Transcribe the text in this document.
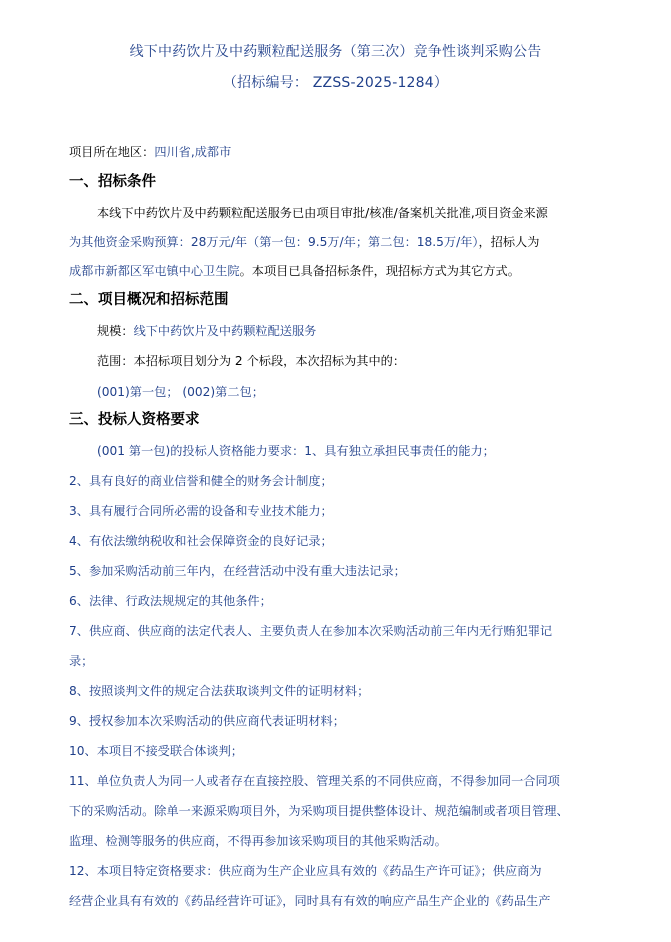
线下中药饮片及中药颗粒配送服务（第三次）竞争性谈判采购公告
（招标编号： ZZSS-2025-1284）
项目所在地区：四川省,成都市
一、招标条件
本线下中药饮片及中药颗粒配送服务已由项目审批/核准/备案机关批准,项目资金来源
为其他资金采购预算：28万元/年（第一包：9.5万/年；第二包：18.5万/年），招标人为
成都市新都区军屯镇中心卫生院。本项目已具备招标条件，现招标方式为其它方式。
二、项目概况和招标范围
规模：线下中药饮片及中药颗粒配送服务
范围：本招标项目划分为 2 个标段，本次招标为其中的：
(001)第一包； (002)第二包；
三、投标人资格要求
(001 第一包)的投标人资格能力要求：1、具有独立承担民事责任的能力；
2、具有良好的商业信誉和健全的财务会计制度；
3、具有履行合同所必需的设备和专业技术能力；
4、有依法缴纳税收和社会保障资金的良好记录；
5、参加采购活动前三年内，在经营活动中没有重大违法记录；
6、法律、行政法规规定的其他条件；
7、供应商、供应商的法定代表人、主要负责人在参加本次采购活动前三年内无行贿犯罪记
录；
8、按照谈判文件的规定合法获取谈判文件的证明材料；
9、授权参加本次采购活动的供应商代表证明材料；
10、本项目不接受联合体谈判；
11、单位负责人为同一人或者存在直接控股、管理关系的不同供应商，不得参加同一合同项
下的采购活动。除单一来源采购项目外，为采购项目提供整体设计、规范编制或者项目管理、
监理、检测等服务的供应商，不得再参加该采购项目的其他采购活动。
12、本项目特定资格要求：供应商为生产企业应具有效的《药品生产许可证》；供应商为
经营企业具有有效的《药品经营许可证》，同时具有有效的响应产品生产企业的《药品生产
